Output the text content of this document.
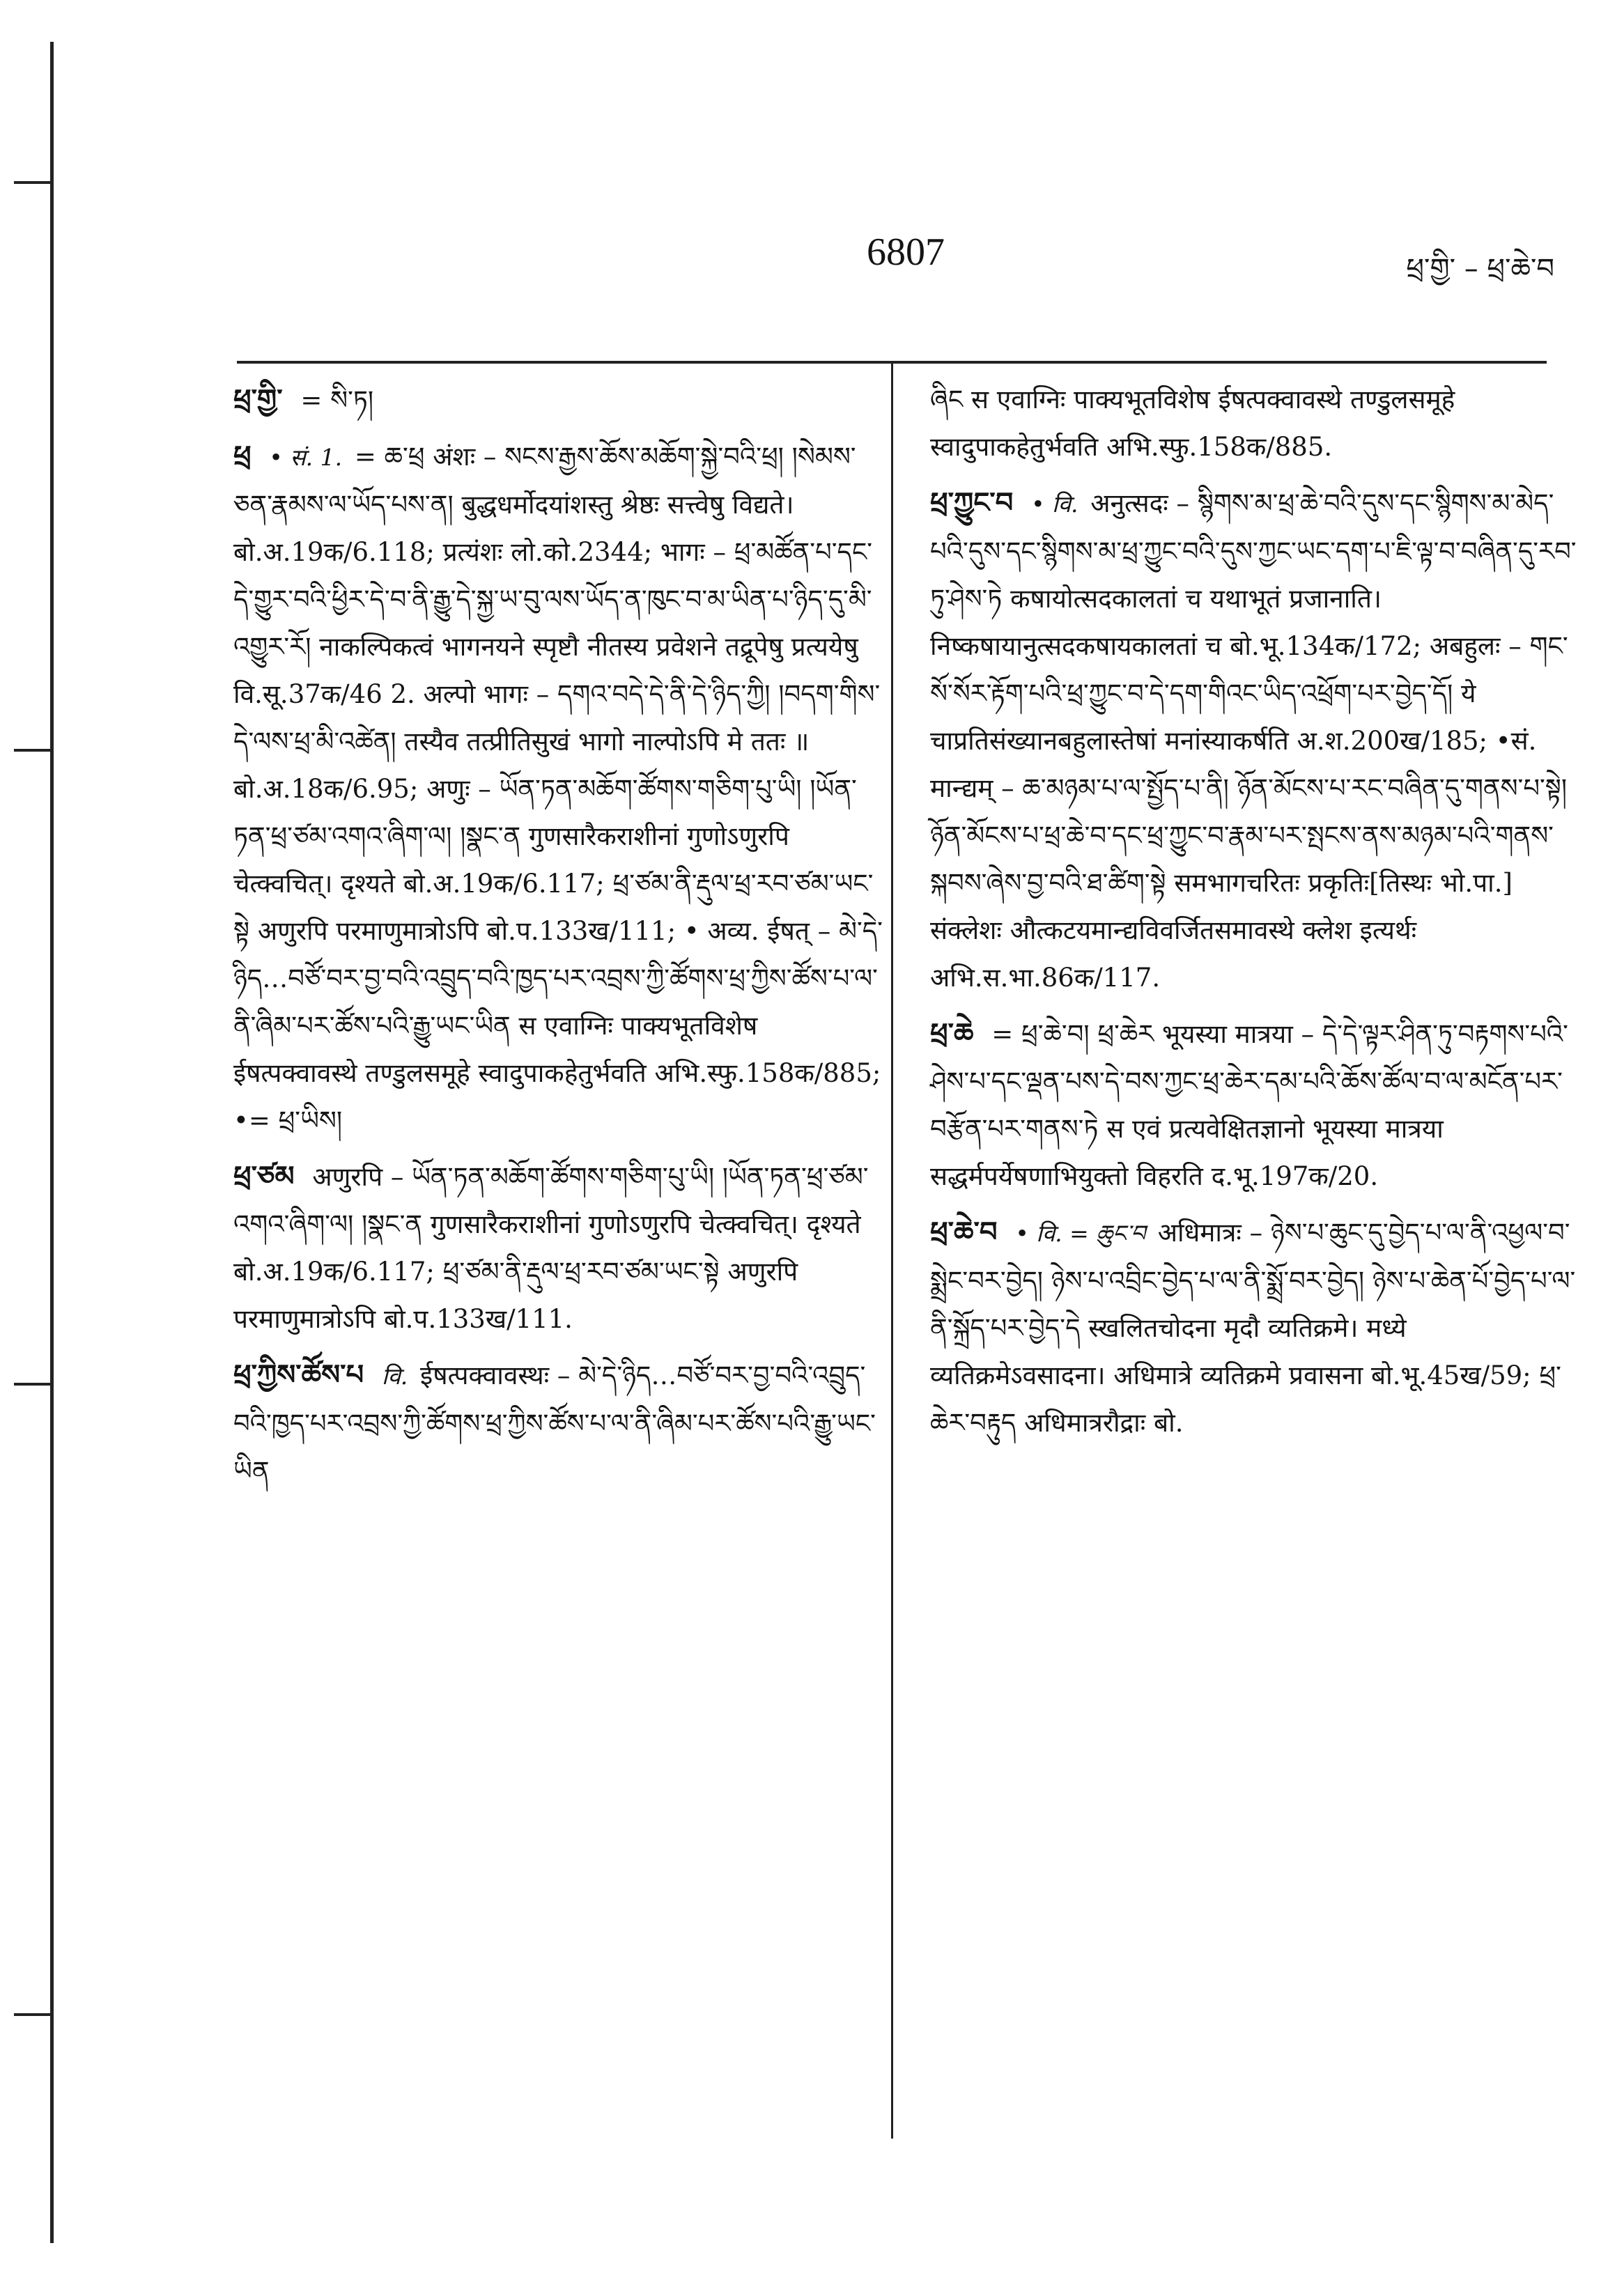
6807	ཕྲ་གྱི་ – ཕྲ་ཆེ་བ
ཕྲ་གྱི་ = སི་ཏ།
ཕྲ • सं. 1. = ཆ་ཕྲ अंशः – སངས་རྒྱས་ཆོས་མཆོག་སྐྱེ་བའི་ཕྲ། །སེམས་ཅན་རྣམས་ལ་ཡོད་པས་ན། बुद्धधर्मोदयांशस्तु श्रेष्ठः सत्त्वेषु विद्यते। बो.अ.19क/6.118; प्रत्यंशः लो.को.2344; भागः – ཕྲ་མཚོན་པ་དང་དེ་གྱུར་བའི་ཕྱིར་དེ་བ་ནི་རྒྱུ་དེ་སྐྱ་ཡ་བུ་ལས་ཡོད་ན་ཁུང་བ་མ་ཡིན་པ་ཉིད་དུ་མི་འགྱུར་རོ། नाकल्पिकत्वं भागनयने स्पृष्टौ नीतस्य प्रवेशने तद्रूपेषु प्रत्ययेषु वि.सू.37क/46 2. अल्पो भागः – དགའ་བདེ་དེ་ནི་དེ་ཉིད་ཀྱི། །བདག་གིས་དེ་ལས་ཕྲ་མི་འཚེན། तस्यैव तत्प्रीतिसुखं भागो नाल्पोऽपि मे ततः ॥ बो.अ.18क/6.95; अणुः – ཡོན་ཏན་མཆོག་ཚོགས་གཅིག་པུ་ཡི། །ཡོན་ཏན་ཕྲ་ཙམ་འགའ་ཞིག་ལ། །སྣང་ན गुणसारैकराशीनां गुणोऽणुरपि चेत्क्वचित्। दृश्यते बो.अ.19क/6.117; ཕྲ་ཙམ་ནི་རྡུལ་ཕྲ་རབ་ཙམ་ཡང་སྟེ अणुरपि परमाणुमात्रोऽपि बो.प.133ख/111; • अव्य. ईषत् – མེ་དེ་ཉིད…བཙོ་བར་བྱ་བའི་འབྲུད་བའི་ཁྱད་པར་འབྲས་ཀྱི་ཚོགས་ཕྲ་ཀྱིས་ཚོས་པ་ལ་ནི་ཞིམ་པར་ཚོས་པའི་རྒྱུ་ཡང་ཡིན स एवाग्निः पाक्यभूतविशेष ईषत्पक्वावस्थे तण्डुलसमूहे स्वादुपाकहेतुर्भवति अभि.स्फु.158क/885; •= ཕྲ་ཡིས།
ཕྲ་ཙམ अणुरपि – ཡོན་ཏན་མཆོག་ཚོགས་གཅིག་པུ་ཡི། །ཡོན་ཏན་ཕྲ་ཙམ་འགའ་ཞིག་ལ། །སྣང་ན गुणसारैकराशीनां गुणोऽणुरपि चेत्क्वचित्। दृश्यते बो.अ.19क/6.117; ཕྲ་ཙམ་ནི་རྡུལ་ཕྲ་རབ་ཙམ་ཡང་སྟེ अणुरपि परमाणुमात्रोऽपि बो.प.133ख/111.
ཕྲ་ཀྱིས་ཚོས་པ वि. ईषत्पक्वावस्थः – མེ་དེ་ཉིད…བཙོ་བར་བྱ་བའི་འབྲུད་བའི་ཁྱད་པར་འབྲས་ཀྱི་ཚོགས་ཕྲ་ཀྱིས་ཚོས་པ་ལ་ནི་ཞིམ་པར་ཚོས་པའི་རྒྱུ་ཡང་ཡིན
ཞིང स एवाग्निः पाक्यभूतविशेष ईषत्पक्वावस्थे तण्डुलसमूहे स्वादुपाकहेतुर्भवति अभि.स्फु.158क/885.
ཕྲ་ཀྱུང་བ • वि. अनुत्सदः – སྙིགས་མ་ཕྲ་ཆེ་བའི་དུས་དང་སྙིགས་མ་མེད་པའི་དུས་དང་སྙིགས་མ་ཕྲ་ཀྱུང་བའི་དུས་ཀྱང་ཡང་དག་པ་ཇི་ལྟ་བ་བཞིན་དུ་རབ་ཏུ་ཤེས་ཏེ कषायोत्सदकालतां च यथाभूतं प्रजानाति। निष्कषायानुत्सदकषायकालतां च बो.भू.134क/172; अबहुलः – གང་སོ་སོར་རྟོག་པའི་ཕྲ་ཀྱུང་བ་དེ་དག་གིའང་ཡིད་འཕྲོག་པར་བྱེད་དོ། ये चाप्रतिसंख्यानबहुलास्तेषां मनांस्याकर्षति अ.श.200ख/185; •सं. मान्द्यम् – ཆ་མཉམ་པ་ལ་སྤྱོད་པ་ནི། ཉོན་མོངས་པ་རང་བཞིན་དུ་གནས་པ་སྟེ། ཉོན་མོངས་པ་ཕྲ་ཆེ་བ་དང་ཕྲ་ཀྱུང་བ་རྣམ་པར་སྤངས་ནས་མཉམ་པའི་གནས་སྐབས་ཞེས་བྱ་བའི་ཐ་ཚིག་སྟེ समभागचरितः प्रकृतिः[तिस्थः भो.पा.] संक्लेशः औत्कटयमान्द्यविवर्जितसमावस्थे क्लेश इत्यर्थः अभि.स.भा.86क/117.
ཕྲ་ཆེ = ཕྲ་ཆེ་བ། ཕྲ་ཆེར भूयस्या मात्रया – དེ་དེ་ལྟར་ཤིན་ཏུ་བརྟགས་པའི་ཤེས་པ་དང་ལྡན་པས་དེ་བས་ཀྱང་ཕྲ་ཆེར་དམ་པའི་ཆོས་ཚོལ་བ་ལ་མངོན་པར་བརྩོན་པར་གནས་ཏེ स एवं प्रत्यवेक्षितज्ञानो भूयस्या मात्रया सद्धर्मपर्येषणाभियुक्तो विहरति द.भू.197क/20.
ཕྲ་ཆེ་བ • वि. = ཆུང་བ अधिमात्रः – ཉེས་པ་ཆུང་དུ་བྱེད་པ་ལ་ནི་འཕྱལ་བ་སྨྲེང་བར་བྱེད། ཉེས་པ་འབྲིང་བྱེད་པ་ལ་ནི་སྨྲོ་བར་བྱེད། ཉེས་པ་ཆེན་པོ་བྱེད་པ་ལ་ནི་སྐྲོད་པར་བྱེད་དེ स्खलितचोदना मृदौ व्यतिक्रमे। मध्ये व्यतिक्रमेऽवसादना। अधिमात्रे व्यतिक्रमे प्रवासना बो.भू.45ख/59; ཕྲ་ཆེར་བརྟུད अधिमात्ररौद्राः बो.
